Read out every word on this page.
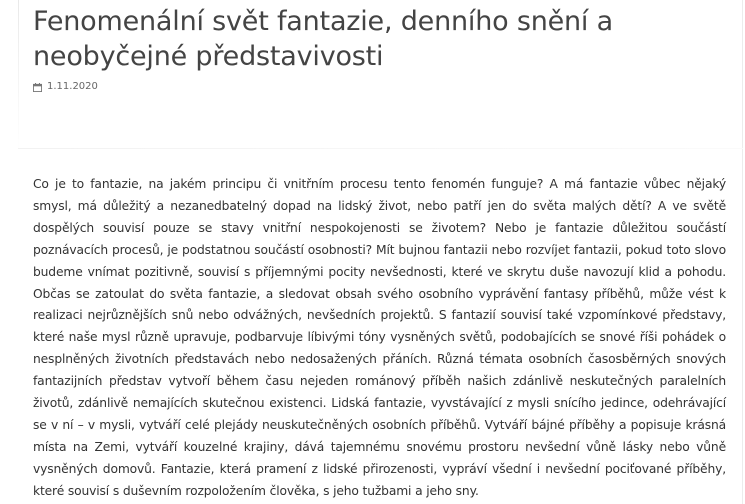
Fenomenální svět fantazie, denního snění a neobyčejné představivosti
1.11.2020

Co je to fantazie, na jakém principu či vnitřním procesu tento fenomén funguje? A má fantazie vůbec nějaký smysl, má důležitý a nezanedbatelný dopad na lidský život, nebo patří jen do světa malých dětí? A ve světě dospělých souvisí pouze se stavy vnitřní nespokojenosti se životem? Nebo je fantazie důležitou součástí poznávacích procesů, je podstatnou součástí osobnosti? Mít bujnou fantazii nebo rozvíjet fantazii, pokud toto slovo budeme vnímat pozitivně, souvisí s příjemnými pocity nevšednosti, které ve skrytu duše navozují klid a pohodu. Občas se zatoulat do světa fantazie, a sledovat obsah svého osobního vyprávění fantasy příběhů, může vést k realizaci nejrůznějších snů nebo odvážných, nevšedních projektů. S fantazií souvisí také vzpomínkové představy, které naše mysl různě upravuje, podbarvuje líbivými tóny vysněných světů, podobajících se snové říši pohádek o nesplněných životních představách nebo nedosažených přáních. Různá témata osobních časosběrných snových fantazijních představ vytvoří během času nejeden románový příběh našich zdánlivě neskutečných paralelních životů, zdánlivě nemajících skutečnou existenci. Lidská fantazie, vyvstávající z mysli snícího jedince, odehrávající se v ní – v mysli, vytváří celé plejády neuskutečněných osobních příběhů. Vytváří bájné příběhy a popisuje krásná místa na Zemi, vytváří kouzelné krajiny, dává tajemnému snovému prostoru nevšední vůně lásky nebo vůně vysněných domovů. Fantazie, která pramení z lidské přirozenosti, vypráví všední i nevšední pociťované příběhy, které souvisí s duševním rozpoložením člověka, s jeho tužbami a jeho sny.
